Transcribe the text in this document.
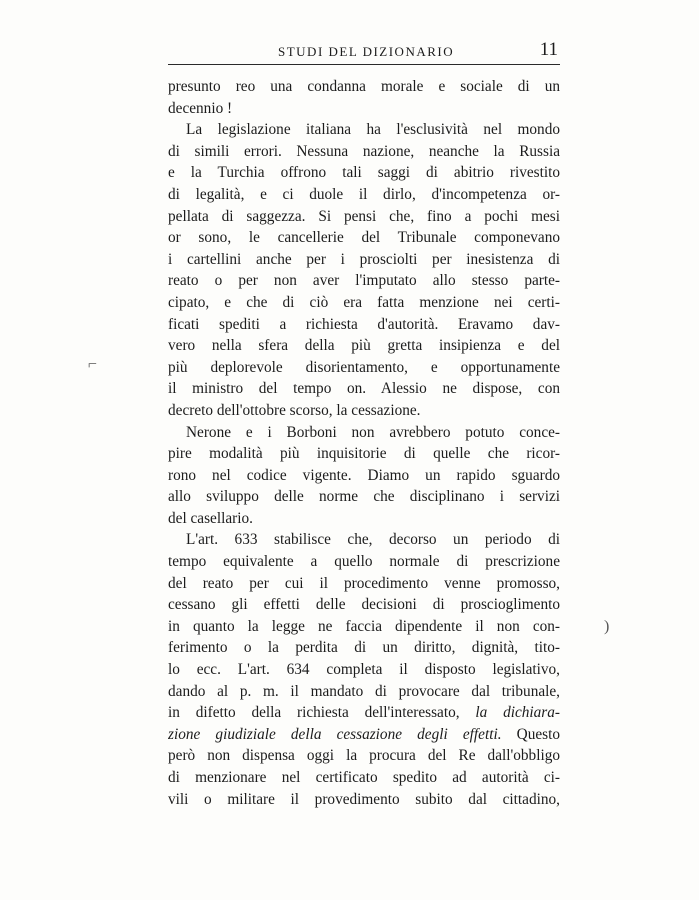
STUDI DEL DIZIONARIO	11
presunto reo una condanna morale e sociale di un
decennio !
La legislazione italiana ha l'esclusività nel mondo
di simili errori. Nessuna nazione, neanche la Russia
e la Turchia offrono tali saggi di abitrio rivestito
di legalità, e ci duole il dirlo, d'incompetenza or-
pellata di saggezza. Si pensi che, fino a pochi mesi
or sono, le cancellerie del Tribunale componevano
i cartellini anche per i prosciolti per inesistenza di
reato o per non aver l'imputato allo stesso parte-
cipato, e che di ciò era fatta menzione nei certi-
ficati spediti a richiesta d'autorità. Eravamo dav-
vero nella sfera della più gretta insipienza e del
più deplorevole disorientamento, e opportunamente
il ministro del tempo on. Alessio ne dispose, con
decreto dell'ottobre scorso, la cessazione.
Nerone e i Borboni non avrebbero potuto conce-
pire modalità più inquisitorie di quelle che ricor-
rono nel codice vigente. Diamo un rapido sguardo
allo sviluppo delle norme che disciplinano i servizi
del casellario.
L'art. 633 stabilisce che, decorso un periodo di
tempo equivalente a quello normale di prescrizione
del reato per cui il procedimento venne promosso,
cessano gli effetti delle decisioni di proscioglimento
in quanto la legge ne faccia dipendente il non con-
ferimento o la perdita di un diritto, dignità, tito-
lo ecc. L'art. 634 completa il disposto legislativo,
dando al p. m. il mandato di provocare dal tribunale,
in difetto della richiesta dell'interessato, la dichiara-
zione giudiziale della cessazione degli effetti. Questo
però non dispensa oggi la procura del Re dall'obbligo
di menzionare nel certificato spedito ad autorità ci-
vili o militare il provedimento subito dal cittadino,
⌐
)
